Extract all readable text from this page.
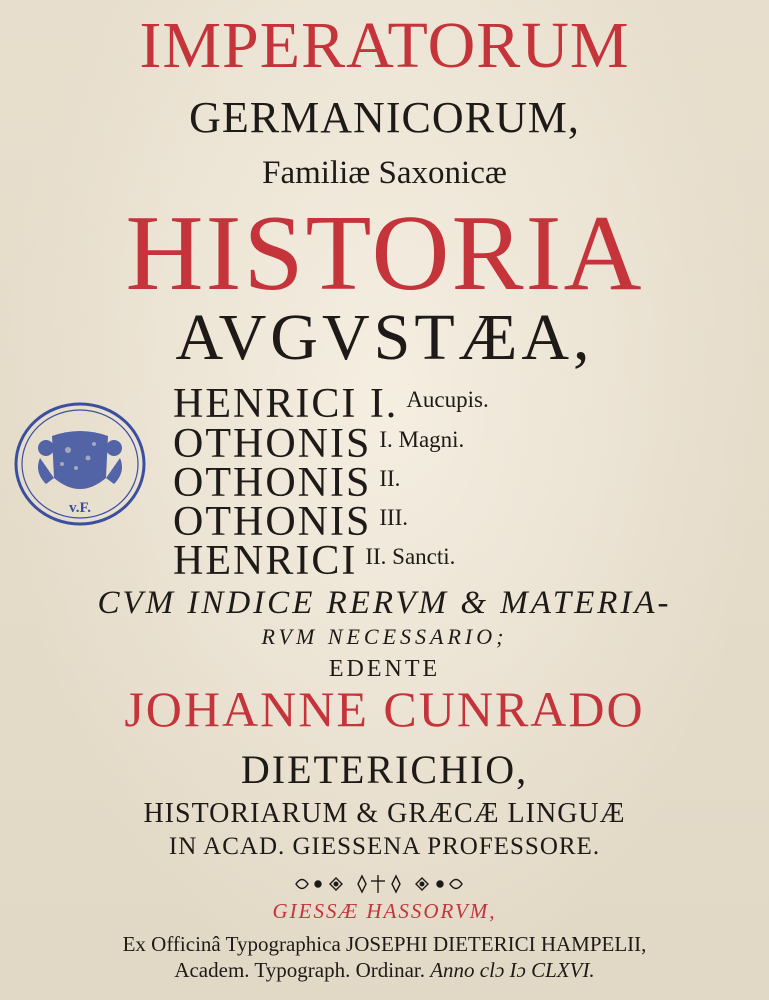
IMPERATORUM
GERMANICORUM,
Familiæ Saxonicæ
HISTORIA
AVGVSTÆA,
HENRICI I. $^{Aucupis.}$
OTHONIS $^{I. Magni.}$
OTHONIS $^{II.}$
OTHONIS $^{III.}$
HENRICI $^{II. Sancti.}$
CVM INDICE RERVM & MATERIA-
RVM NECESSARIO;
EDENTE
JOHANNE CUNRADO
DIETERICHIO,
HISTORIARUM & GRÆCÆ LINGUÆ
IN ACAD. GIESSENA PROFESSORE.
GIESSÆ HASSORVM,
Ex Officinâ Typographica JOSEPHI DIETERICI HAMPELII,
Academ. Typograph. Ordinar. Anno clɔ Iɔ CLXVI.
v.F.
